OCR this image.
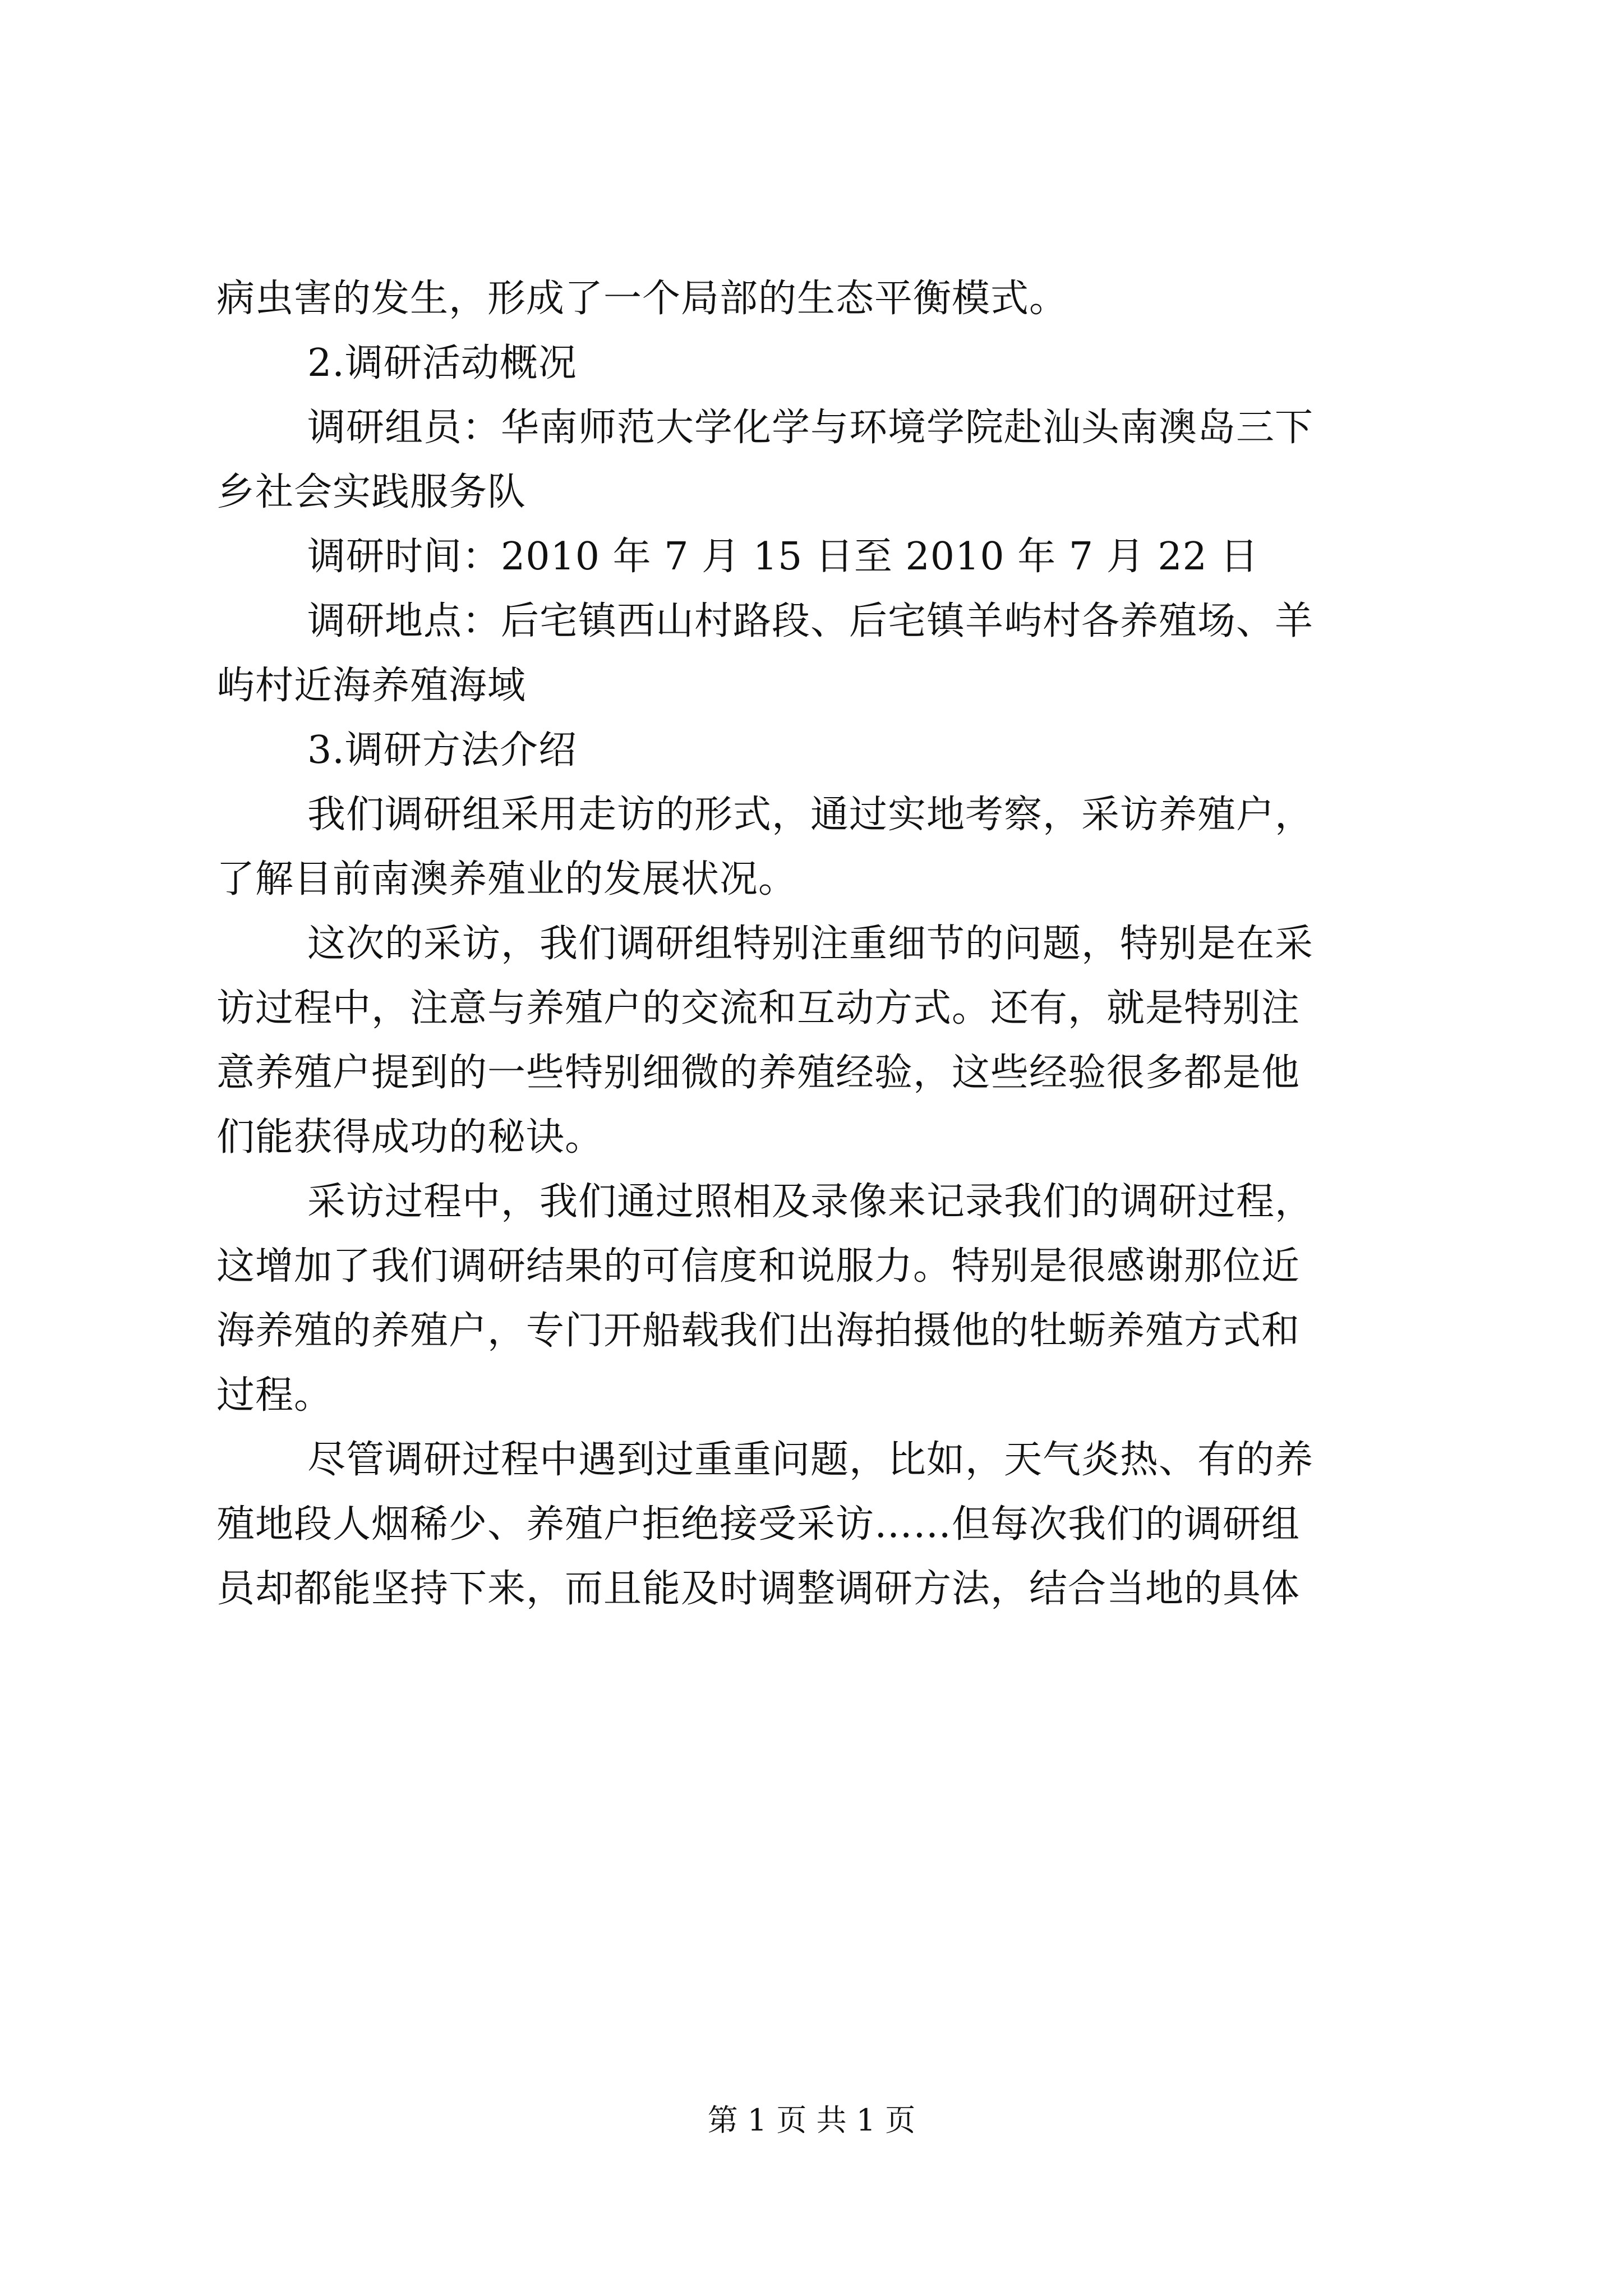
病虫害的发生，形成了一个局部的生态平衡模式。
2.调研活动概况
调研组员：华南师范大学化学与环境学院赴汕头南澳岛三下
乡社会实践服务队
调研时间：2010 年 7 月 15 日至 2010 年 7 月 22 日
调研地点：后宅镇西山村路段、后宅镇羊屿村各养殖场、羊
屿村近海养殖海域
3.调研方法介绍
我们调研组采用走访的形式，通过实地考察，采访养殖户，
了解目前南澳养殖业的发展状况。
这次的采访，我们调研组特别注重细节的问题，特别是在采
访过程中，注意与养殖户的交流和互动方式。还有，就是特别注
意养殖户提到的一些特别细微的养殖经验，这些经验很多都是他
们能获得成功的秘诀。
采访过程中，我们通过照相及录像来记录我们的调研过程，
这增加了我们调研结果的可信度和说服力。特别是很感谢那位近
海养殖的养殖户，专门开船载我们出海拍摄他的牡蛎养殖方式和
过程。
尽管调研过程中遇到过重重问题，比如，天气炎热、有的养
殖地段人烟稀少、养殖户拒绝接受采访……但每次我们的调研组
员却都能坚持下来，而且能及时调整调研方法，结合当地的具体
第 1 页 共 1 页
